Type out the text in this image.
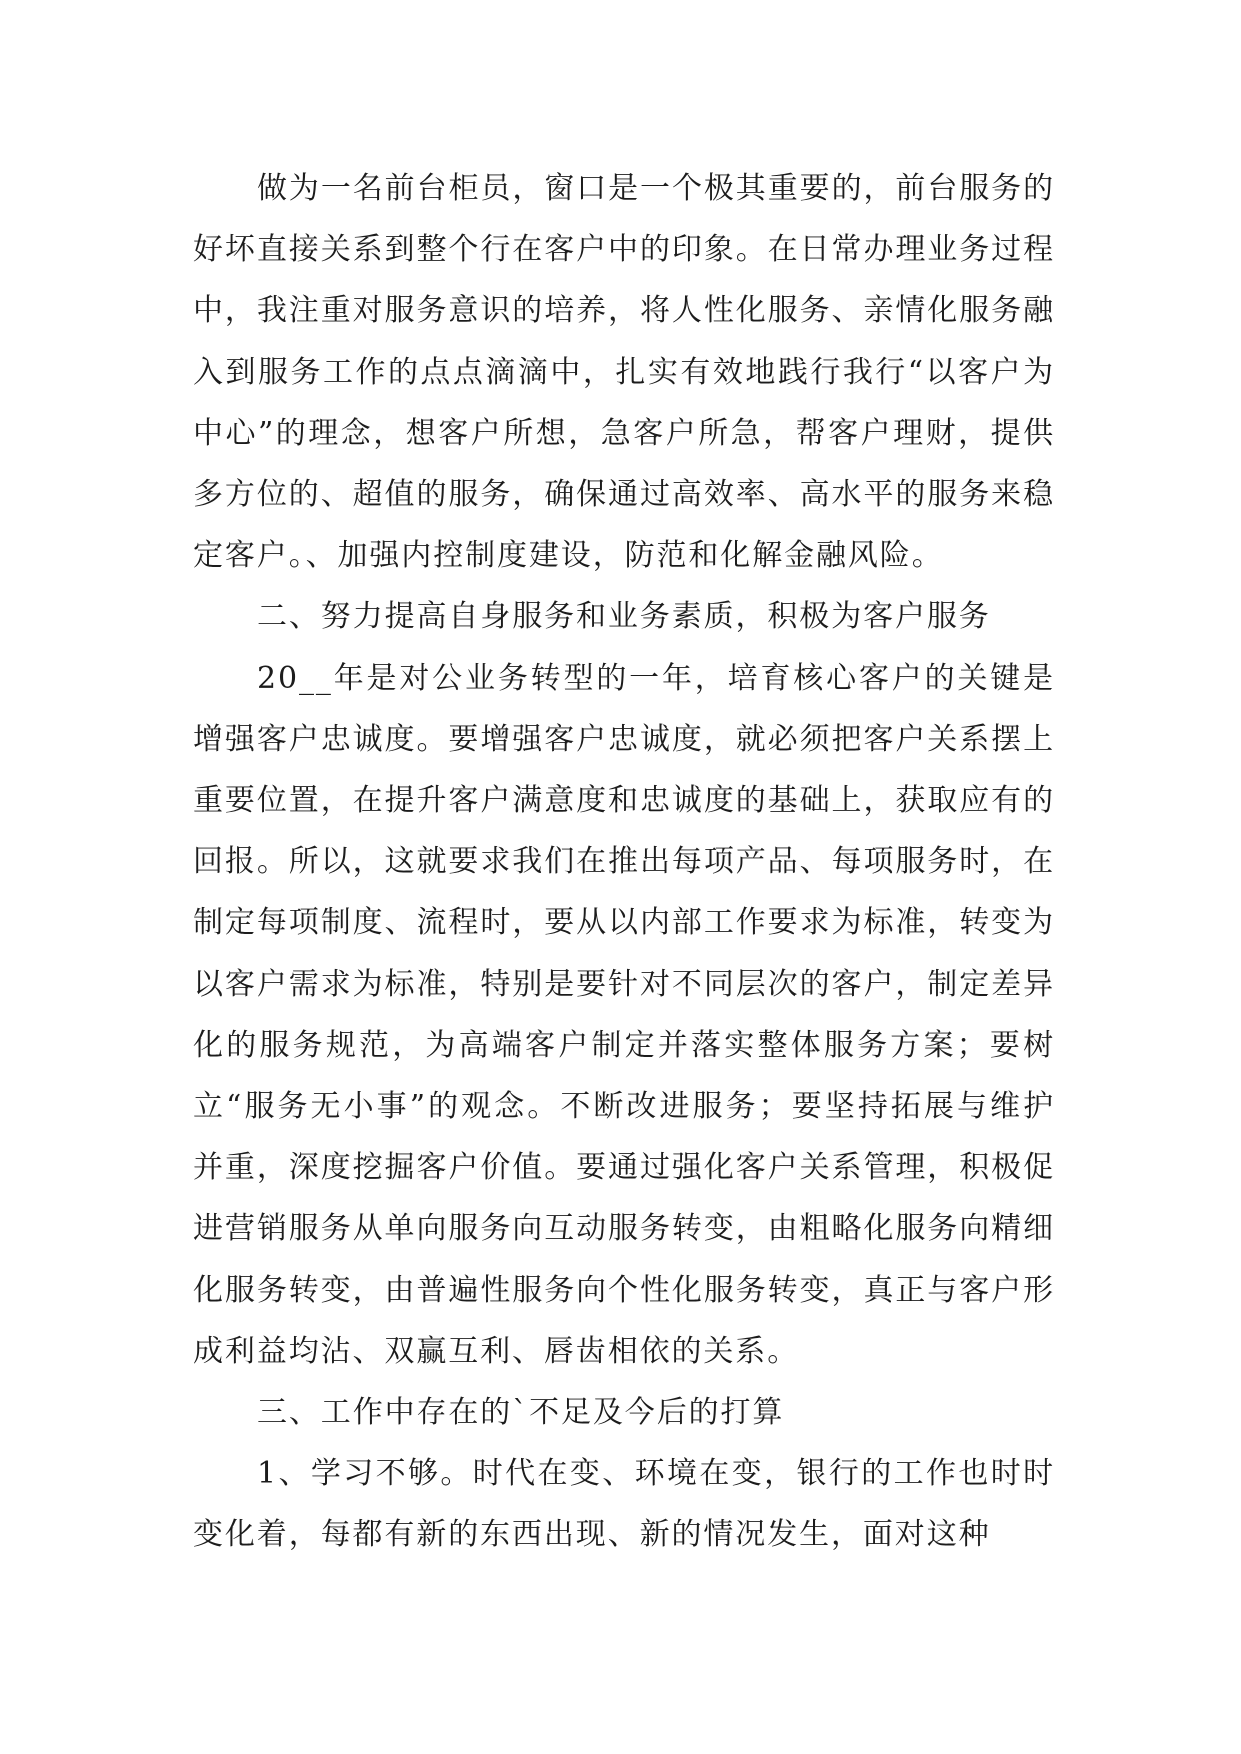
做为一名前台柜员，窗口是一个极其重要的，前台服务的好坏直接关系到整个行在客户中的印象。在日常办理业务过程中，我注重对服务意识的培养，将人性化服务、亲情化服务融入到服务工作的点点滴滴中，扎实有效地践行我行“以客户为中心”的理念，想客户所想，急客户所急，帮客户理财，提供多方位的、超值的服务，确保通过高效率、高水平的服务来稳定客户。、加强内控制度建设，防范和化解金融风险。

二、努力提高自身服务和业务素质，积极为客户服务

20__年是对公业务转型的一年，培育核心客户的关键是增强客户忠诚度。要增强客户忠诚度，就必须把客户关系摆上重要位置，在提升客户满意度和忠诚度的基础上，获取应有的回报。所以，这就要求我们在推出每项产品、每项服务时，在制定每项制度、流程时，要从以内部工作要求为标准，转变为以客户需求为标准，特别是要针对不同层次的客户，制定差异化的服务规范，为高端客户制定并落实整体服务方案；要树立“服务无小事”的观念。不断改进服务；要坚持拓展与维护并重，深度挖掘客户价值。要通过强化客户关系管理，积极促进营销服务从单向服务向互动服务转变，由粗略化服务向精细化服务转变，由普遍性服务向个性化服务转变，真正与客户形成利益均沾、双赢互利、唇齿相依的关系。

三、工作中存在的`不足及今后的打算

1、学习不够。时代在变、环境在变，银行的工作也时时变化着，每都有新的东西出现、新的情况发生，面对这种
